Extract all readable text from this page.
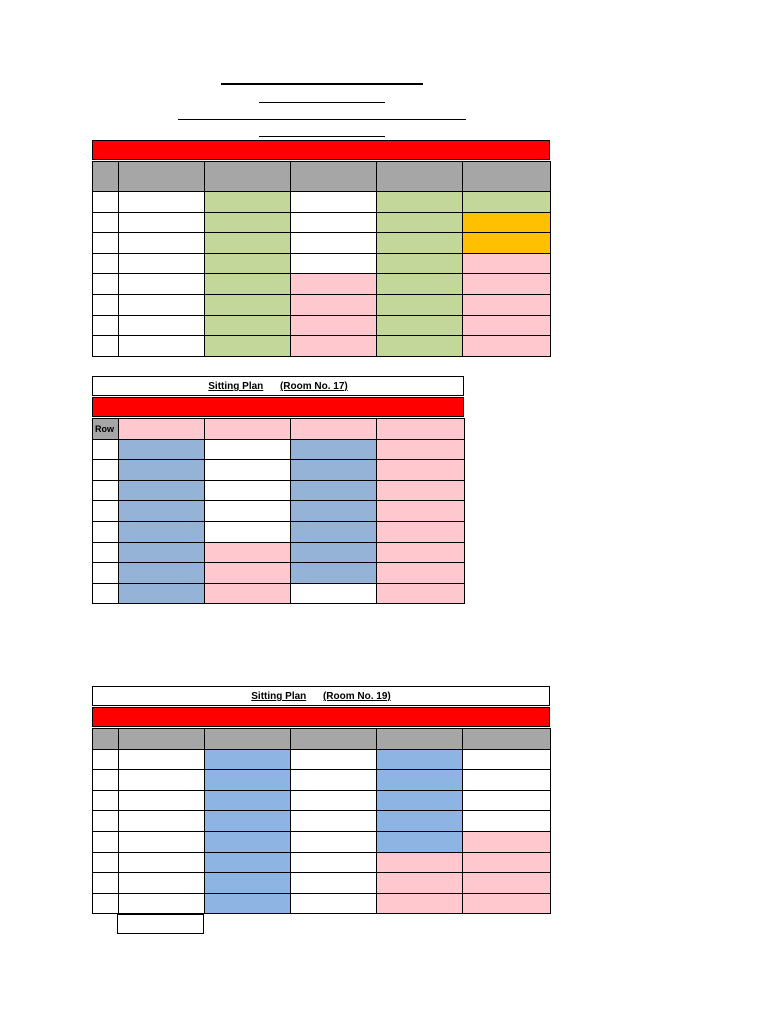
Sitting Plan (Room No. 17)
Row				

Sitting Plan (Room No. 19)
